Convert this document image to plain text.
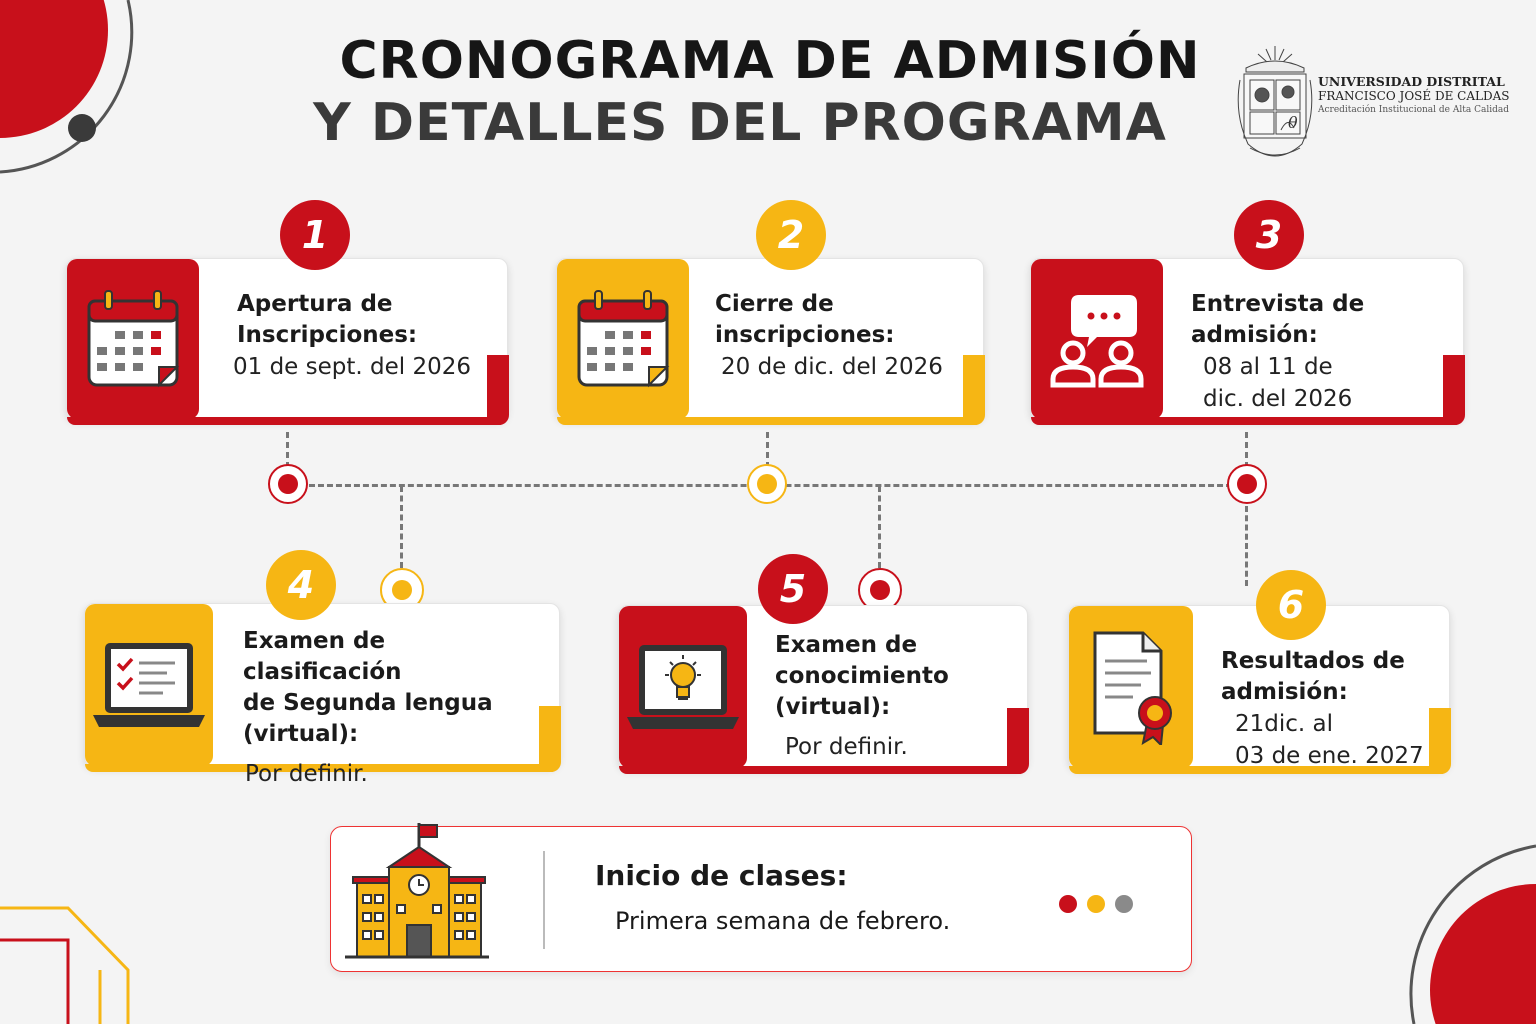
CRONOGRAMA DE ADMISIÓN
Y DETALLES DEL PROGRAMA	θ
UNIVERSIDAD DISTRITAL
FRANCISCO JOSÉ DE CALDAS
Acreditación Institucional de Alta Calidad
Apertura de
Inscripciones:
01 de sept. del 2026
1
Cierre de
inscripciones:
20 de dic. del 2026
2
Entrevista de
admisión:
08 al 11 de
dic. del 2026
3
Examen de clasificación
de Segunda lengua
(virtual):
Por definir.
4
Examen de
conocimiento
(virtual):
Por definir.
5
Resultados de
admisión:
21dic. al
03 de ene. 2027
6
Inicio de clases:
Primera semana de febrero.
